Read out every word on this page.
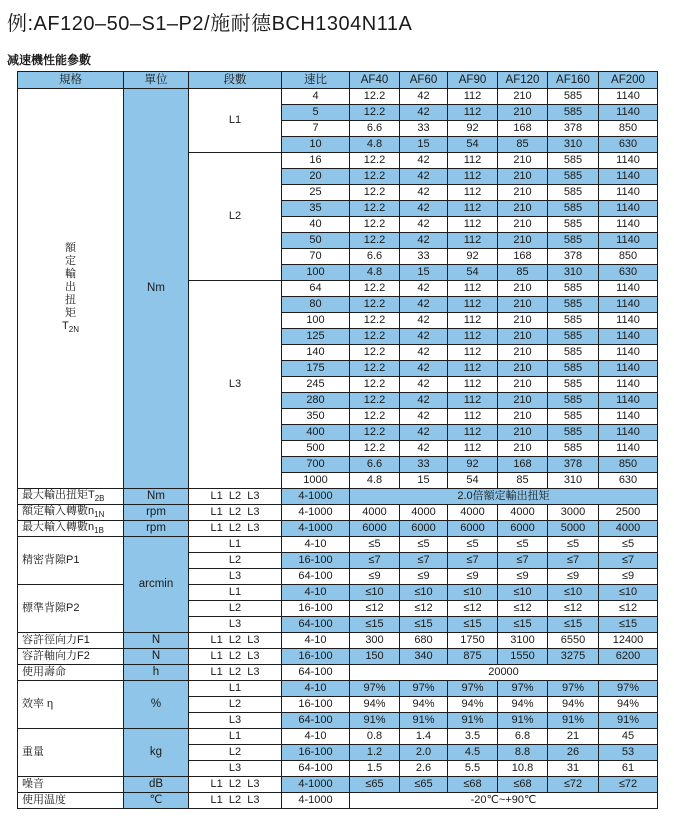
例:AF120–50–S1–P2/施耐德BCH1304N11A
减速機性能參數
規格	單位	段數	速比	AF40	AF60	AF90	AF120	AF160	AF200

額
定
輸
出
扭
矩
$T_{2N}$
	Nm	L1	4	12.2	42	112	210	585	1140
			5	12.2	42	112	210	585	1140
			7	6.6	33	92	168	378	850
			10	4.8	15	54	85	310	630
		L2	16	12.2	42	112	210	585	1140
			20	12.2	42	112	210	585	1140
			25	12.2	42	112	210	585	1140
			35	12.2	42	112	210	585	1140
			40	12.2	42	112	210	585	1140
			50	12.2	42	112	210	585	1140
			70	6.6	33	92	168	378	850
			100	4.8	15	54	85	310	630
		L3	64	12.2	42	112	210	585	1140
			80	12.2	42	112	210	585	1140
			100	12.2	42	112	210	585	1140
			125	12.2	42	112	210	585	1140
			140	12.2	42	112	210	585	1140
			175	12.2	42	112	210	585	1140
			245	12.2	42	112	210	585	1140
			280	12.2	42	112	210	585	1140
			350	12.2	42	112	210	585	1140
			400	12.2	42	112	210	585	1140
			500	12.2	42	112	210	585	1140
			700	6.6	33	92	168	378	850
			1000	4.8	15	54	85	310	630
最大輸出扭矩$T_{2B}$	Nm	L1  L2  L3	4-1000	2.0倍額定輸出扭矩					
額定輸入轉數$n_{1N}$	rpm	L1  L2  L3	4-1000	4000	4000	4000	4000	3000	2500
最大輸入轉數$n_{1B}$	rpm	L1  L2  L3	4-1000	6000	6000	6000	6000	5000	4000
精密背隙P1	arcmin	L1	4-10	≤5	≤5	≤5	≤5	≤5	≤5
		L2	16-100	≤7	≤7	≤7	≤7	≤7	≤7
		L3	64-100	≤9	≤9	≤9	≤9	≤9	≤9
標準背隙P2		L1	4-10	≤10	≤10	≤10	≤10	≤10	≤10
		L2	16-100	≤12	≤12	≤12	≤12	≤12	≤12
		L3	64-100	≤15	≤15	≤15	≤15	≤15	≤15
容許徑向力F1	N	L1  L2  L3	4-10	300	680	1750	3100	6550	12400
容許軸向力F2	N	L1  L2  L3	16-100	150	340	875	1550	3275	6200
使用壽命	h	L1  L2  L3	64-100	20000					
效率 η	%	L1	4-10	97%	97%	97%	97%	97%	97%
		L2	16-100	94%	94%	94%	94%	94%	94%
		L3	64-100	91%	91%	91%	91%	91%	91%
重量	kg	L1	4-10	0.8	1.4	3.5	6.8	21	45
		L2	16-100	1.2	2.0	4.5	8.8	26	53
		L3	64-100	1.5	2.6	5.5	10.8	31	61
噪音	dB	L1  L2  L3	4-1000	≤65	≤65	≤68	≤68	≤72	≤72
使用温度	℃	L1  L2  L3	4-1000	-20℃~+90℃					
